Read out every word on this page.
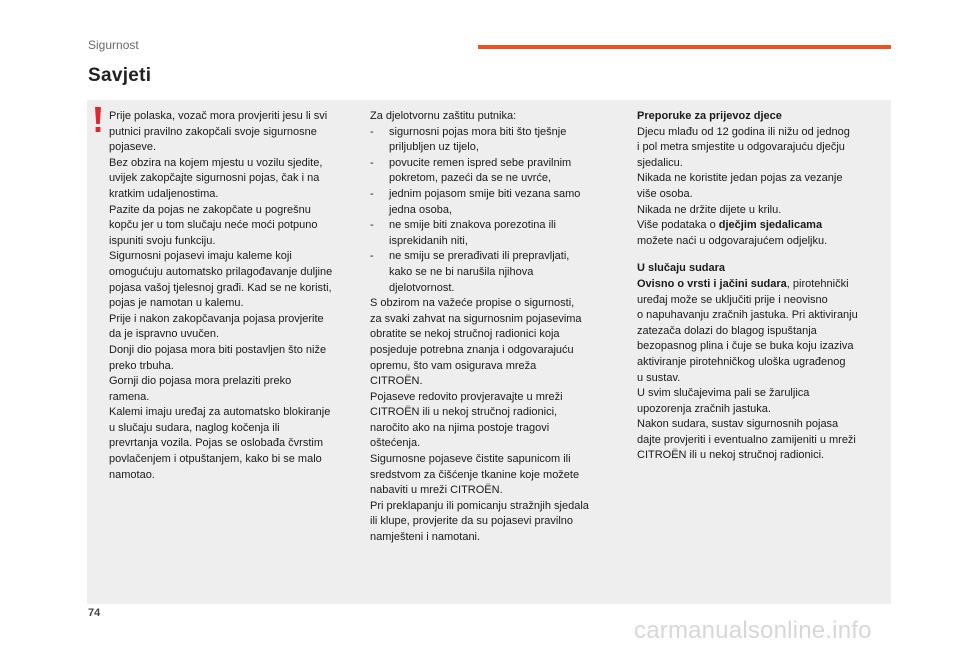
Sigurnost
Savjeti

Prije polaska, vozač mora provjeriti jesu li svi

putnici pravilno zakopčali svoje sigurnosne

pojaseve.

Bez obzira na kojem mjestu u vozilu sjedite,

uvijek zakopčajte sigurnosni pojas, čak i na

kratkim udaljenostima.

Pazite da pojas ne zakopčate u pogrešnu

kopču jer u tom slučaju neće moći potpuno

ispuniti svoju funkciju.

Sigurnosni pojasevi imaju kaleme koji

omogućuju automatsko prilagođavanje duljine

pojasa vašoj tjelesnoj građi. Kad se ne koristi,

pojas je namotan u kalemu.

Prije i nakon zakopčavanja pojasa provjerite

da je ispravno uvučen.

Donji dio pojasa mora biti postavljen što niže

preko trbuha.

Gornji dio pojasa mora prelaziti preko

ramena.

Kalemi imaju uređaj za automatsko blokiranje

u slučaju sudara, naglog kočenja ili

prevrtanja vozila. Pojas se oslobađa čvrstim

povlačenjem i otpuštanjem, kako bi se malo

namotao.

Za djelotvornu zaštitu putnika:

-	sigurnosni pojas mora biti što tješnje
priljubljen uz tijelo,
-	povucite remen ispred sebe pravilnim
pokretom, pazeći da se ne uvrće,
-	jednim pojasom smije biti vezana samo
jedna osoba,
-	ne smije biti znakova porezotina ili
isprekidanih niti,
-	ne smiju se prerađivati ili prepravljati,
kako se ne bi narušila njihova
djelotvornost.

S obzirom na važeće propise o sigurnosti,

za svaki zahvat na sigurnosnim pojasevima

obratite se nekoj stručnoj radionici koja

posjeduje potrebna znanja i odgovarajuću

opremu, što vam osigurava mreža

CITROËN.

Pojaseve redovito provjeravajte u mreži

CITROËN ili u nekoj stručnoj radionici,

naročito ako na njima postoje tragovi

oštećenja.

Sigurnosne pojaseve čistite sapunicom ili

sredstvom za čišćenje tkanine koje možete

nabaviti u mreži CITROËN.

Pri preklapanju ili pomicanju stražnjih sjedala

ili klupe, provjerite da su pojasevi pravilno

namješteni i namotani.

Preporuke za prijevoz djece

Djecu mlađu od 12 godina ili nižu od jednog

i pol metra smjestite u odgovarajuću dječju

sjedalicu.

Nikada ne koristite jedan pojas za vezanje

više osoba.

Nikada ne držite dijete u krilu.

Više podataka o dječjim sjedalicama

možete naći u odgovarajućem odjeljku.

U slučaju sudara

Ovisno o vrsti i jačini sudara, pirotehnički

uređaj može se uključiti prije i neovisno

o napuhavanju zračnih jastuka. Pri aktiviranju

zatezača dolazi do blagog ispuštanja

bezopasnog plina i čuje se buka koju izaziva

aktiviranje pirotehničkog uloška ugrađenog

u sustav.

U svim slučajevima pali se žaruljica

upozorenja zračnih jastuka.

Nakon sudara, sustav sigurnosnih pojasa

dajte provjeriti i eventualno zamijeniti u mreži

CITROËN ili u nekoj stručnoj radionici.

74
carmanualsonline.info
